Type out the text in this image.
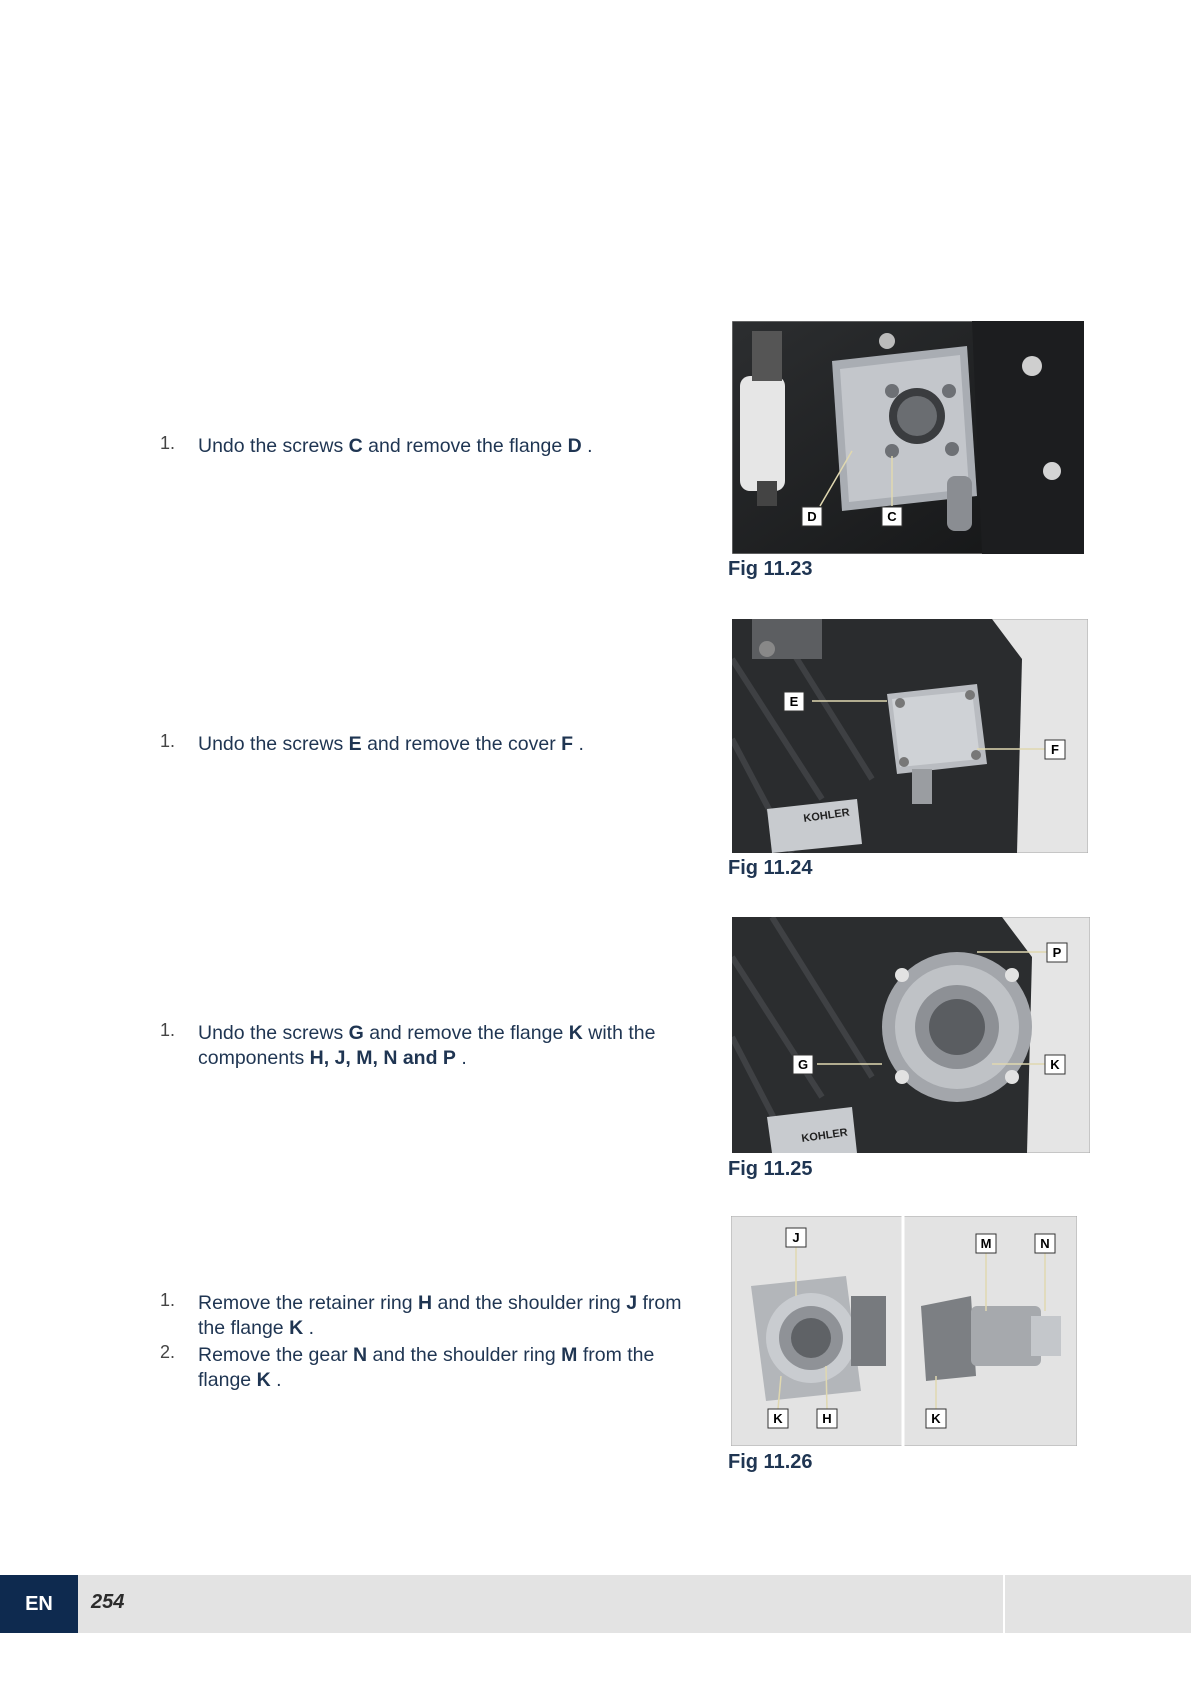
1. Undo the screws C and remove the flange D .
1. Undo the screws E and remove the cover F .
1. Undo the screws G and remove the flange K with the components H, J, M, N and P .
1. Remove the retainer ring H and the shoulder ring J from the flange K .
2. Remove the gear N and the shoulder ring M from the flange K .
D	C
Fig 11.23
KOHLER
E
F
Fig 11.24
KOHLER
P
G	K
Fig 11.25
J	M	N
K	H	K
Fig 11.26
EN	254
